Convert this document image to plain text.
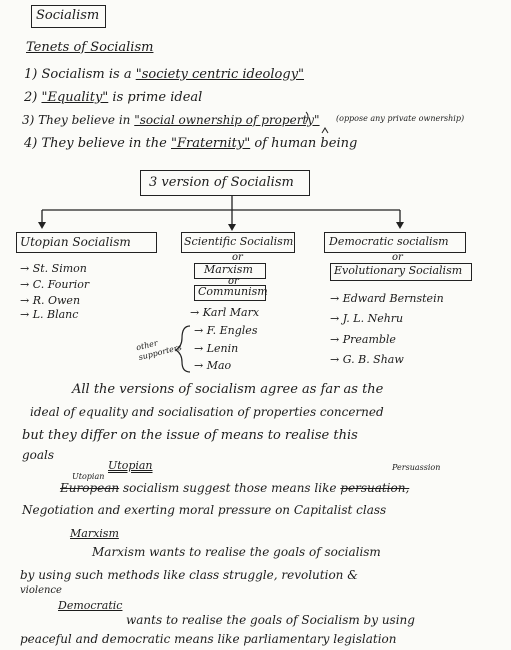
Socialism
Tenets of Socialism
1) Socialism is a "society centric ideology"
2) "Equality" is prime ideal
3) They believe in "social ownership of property" (oppose any private ownership)
4) They believe in the "Fraternity" of human being
3 version of Socialism
Utopian Socialism
→ St. Simon
→ C. Fourior
→ R. Owen
→ L. Blanc
Scientific Socialism
or
Marxism
or
Communism
→ Karl Marx
other supporters
→ F. Engles
→ Lenin
→ Mao
Democratic socialism
or
Evolutionary Socialism
→ Edward Bernstein
→ J. L. Nehru
→ Preamble
→ G. B. Shaw
All the versions of socialism agree as far as the
ideal of equality and socialisation of properties concerned
but they differ on the issue of means to realise this
goals
Utopian
Utopian
Persuassion
European socialism suggest those means like persuation,
Negotiation and exerting moral pressure on Capitalist class
Marxism
Marxism wants to realise the goals of socialism
by using such methods like class struggle, revolution &
violence
Democratic
wants to realise the goals of Socialism by using
peaceful and democratic means like parliamentary legislation
